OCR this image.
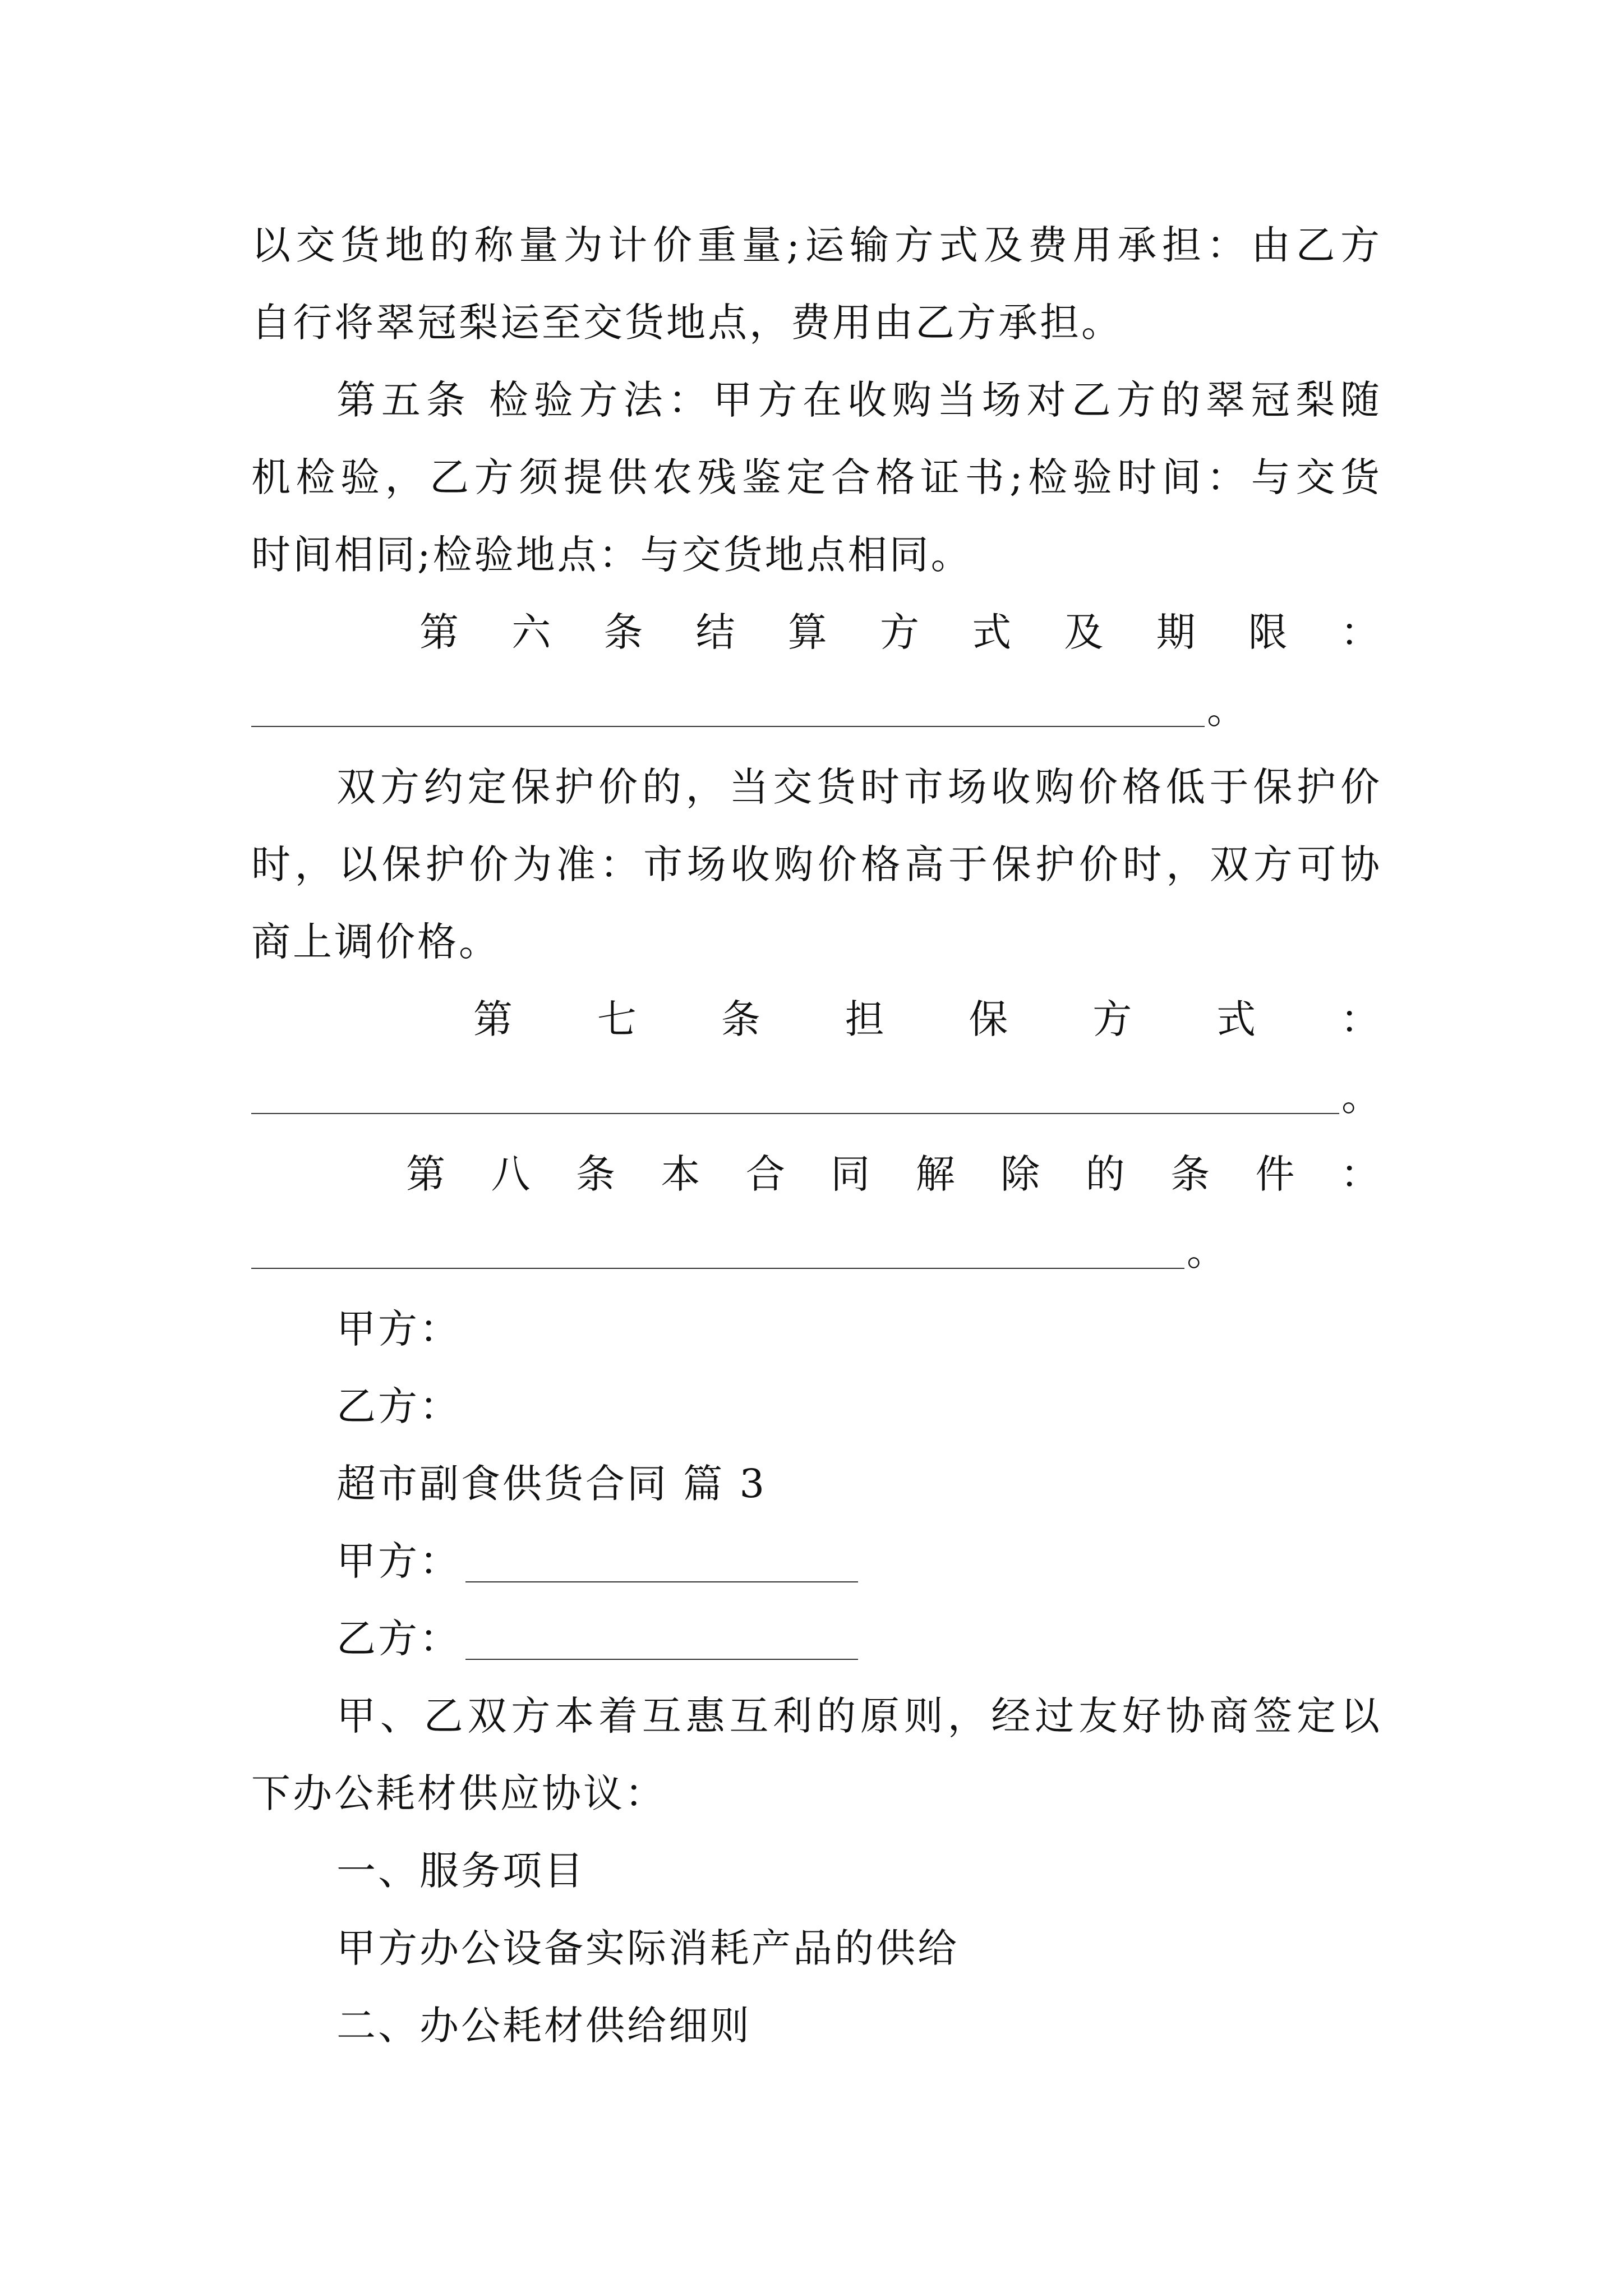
以交货地的称量为计价重量;运输方式及费用承担：由乙方
自行将翠冠梨运至交货地点，费用由乙方承担。
第五条 检验方法：甲方在收购当场对乙方的翠冠梨随
机检验，乙方须提供农残鉴定合格证书;检验时间：与交货
时间相同;检验地点：与交货地点相同。
第 六 条 结 算 方 式 及 期 限 ：
。
双方约定保护价的，当交货时市场收购价格低于保护价
时，以保护价为准：市场收购价格高于保护价时，双方可协
商上调价格。
第 七 条 担 保 方 式 ：
。
第 八 条 本 合 同 解 除 的 条 件 ：
。
甲方：
乙方：
超市副食供货合同 篇 3
甲方：
乙方：
甲、乙双方本着互惠互利的原则，经过友好协商签定以
下办公耗材供应协议：
一、服务项目
甲方办公设备实际消耗产品的供给
二、办公耗材供给细则
